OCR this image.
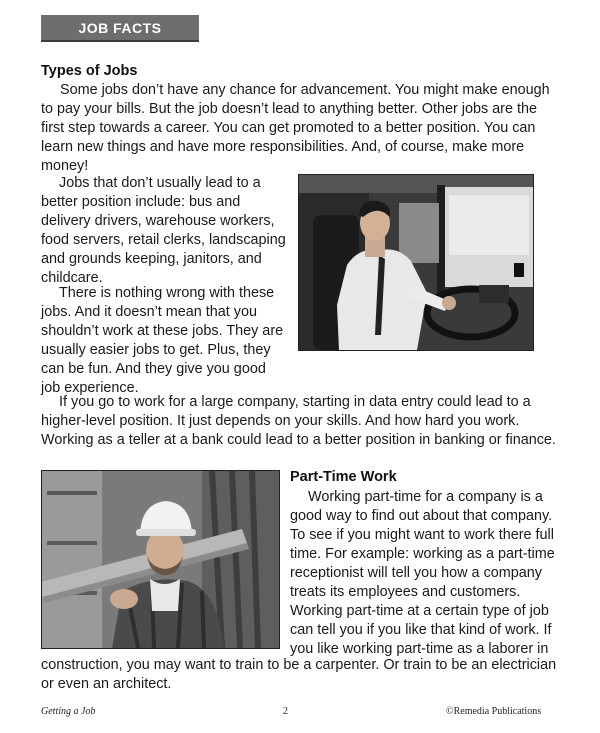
JOB FACTS
Types of Jobs

Some jobs don’t have any chance for advancement. You might make enough

to pay your bills. But the job doesn’t lead to anything better. Other jobs are the first step towards a career. You can get promoted to a better position. You can learn new things and have more responsibilities. And, of course, make more money!

Jobs that don’t usually lead to a better position include: bus and delivery drivers, warehouse workers, food servers, retail clerks, landscaping and grounds keeping, janitors, and childcare.

There is nothing wrong with these jobs. And it doesn’t mean that you shouldn’t work at these jobs. They are usually easier jobs to get. Plus, they can be fun. And they give you good job experience.

If you go to work for a large company, starting in data entry could lead to a higher-level position. It just depends on your skills. And how hard you work. Working as a teller at a bank could lead to a better position in banking or finance.

Part-Time Work

Working part-time for a company is a good way to find out about that company. To see if you might want to work there full time. For example: working as a part-time receptionist will tell you how a company treats its employees and customers. Working part-time at a certain type of job can tell you if you like that kind of work. If you like working part-time as a laborer in

construction, you may want to train to be a carpenter. Or train to be an electrician or even an architect.

Getting a Job	2	©Remedia Publications
